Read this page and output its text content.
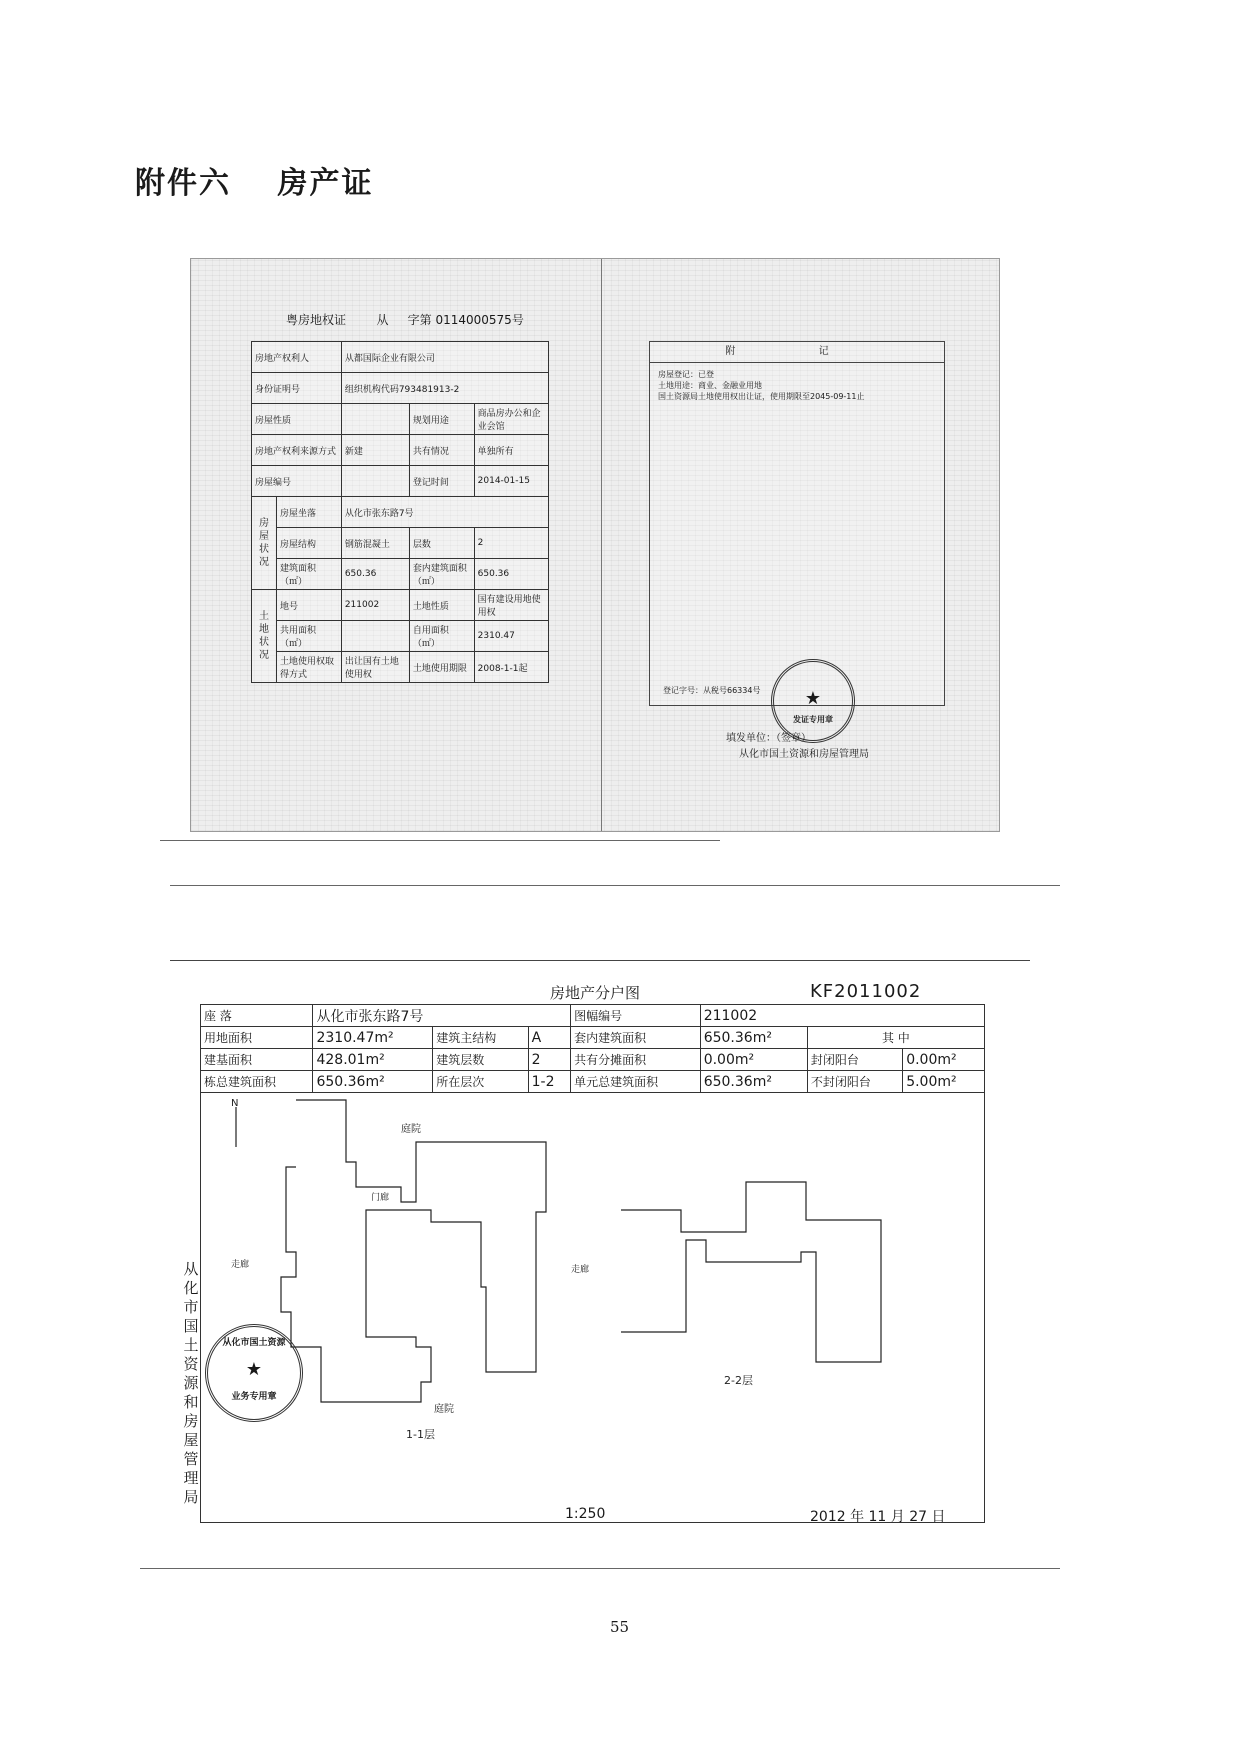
附件六 房产证
粤房地权证	从 字第 0114000575号
房地产权利人		从都国际企业有限公司		
身份证明号		组织机构代码793481913-2		
房屋性质			规划用途	商品房办公和企业会馆
房地产权利来源方式		新建	共有情况	单独所有
房屋编号			登记时间	2014-01-15
房屋状况	房屋坐落	从化市张东路7号		
	房屋结构	钢筋混凝土	层数	2
	建筑面积（㎡）	650.36	套内建筑面积（㎡）	650.36
土地状况	地号	211002	土地性质	国有建设用地使用权
	共用面积（㎡）		自用面积（㎡）	2310.47
	土地使用权取得方式	出让国有土地使用权	土地使用期限	2008-1-1起
附 记
房屋登记：已登
土地用途：商业、金融业用地
国土资源局土地使用权出让证，使用期限至2045-09-11止
登记字号：从税号66334号	★
发证专用章
填发单位：（签章）
从化市国土资源和房屋管理局
房地产分户图	KF2011002
座 落	从化市张东路7号			图幅编号	211002		
用地面积	2310.47m²	建筑主结构	A	套内建筑面积	650.36m²	其 中	
建基面积	428.01m²	建筑层数	2	共有分摊面积	0.00m²	封闭阳台	0.00m²
栋总建筑面积	650.36m²	所在层次	1-2	单元总建筑面积	650.36m²	不封闭阳台	5.00m²
从化市国土资源和房屋管理局
N
庭院
庭院
门廊
走廊	走廊
1-1层
2-2层
从化市国土资源
★
业务专用章
1:250	2012 年 11 月 27 日
55
